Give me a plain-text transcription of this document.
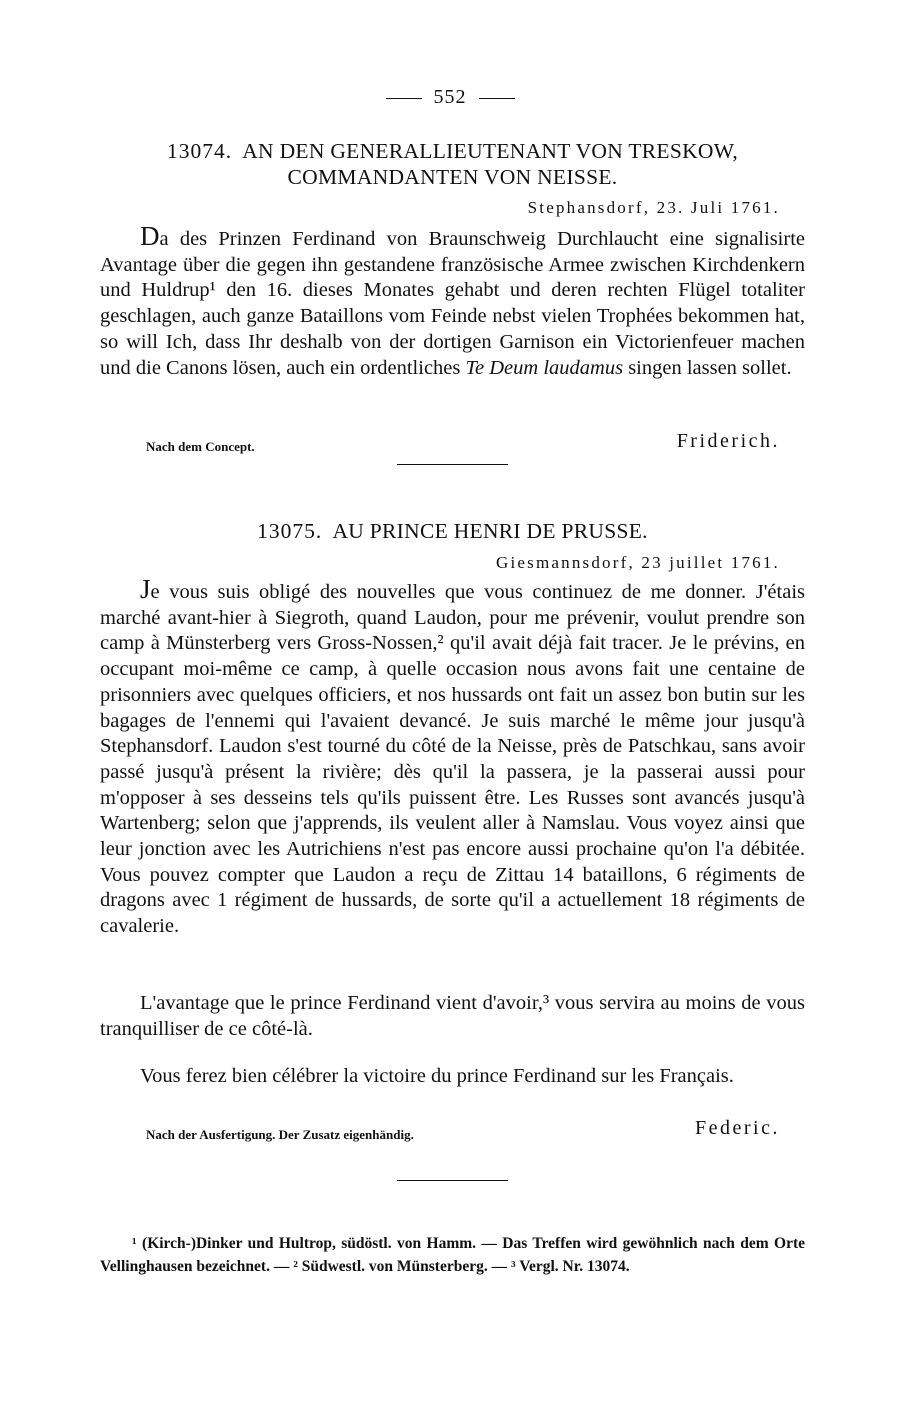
552
13074. AN DEN GENERALLIEUTENANT VON TRESKOW,
COMMANDANTEN VON NEISSE.
Stephansdorf, 23. Juli 1761.

Da des Prinzen Ferdinand von Braunschweig Durchlaucht eine signalisirte Avantage über die gegen ihn gestandene französische Armee zwischen Kirchdenkern und Huldrup¹ den 16. dieses Monates gehabt und deren rechten Flügel totaliter geschlagen, auch ganze Bataillons vom Feinde nebst vielen Trophées bekommen hat, so will Ich, dass Ihr deshalb von der dortigen Garnison ein Victorienfeuer machen und die Canons lösen, auch ein ordentliches Te Deum laudamus singen lassen sollet.

Nach dem Concept.	Friderich.
13075. AU PRINCE HENRI DE PRUSSE.
Giesmannsdorf, 23 juillet 1761.

Je vous suis obligé des nouvelles que vous continuez de me donner. J'étais marché avant-hier à Siegroth, quand Laudon, pour me prévenir, voulut prendre son camp à Münsterberg vers Gross-Nossen,² qu'il avait déjà fait tracer. Je le prévins, en occupant moi-même ce camp, à quelle occasion nous avons fait une centaine de prisonniers avec quelques officiers, et nos hussards ont fait un assez bon butin sur les bagages de l'ennemi qui l'avaient devancé. Je suis marché le même jour jusqu'à Stephansdorf. Laudon s'est tourné du côté de la Neisse, près de Patschkau, sans avoir passé jusqu'à présent la rivière; dès qu'il la passera, je la passerai aussi pour m'opposer à ses desseins tels qu'ils puissent être. Les Russes sont avancés jusqu'à Wartenberg; selon que j'apprends, ils veulent aller à Namslau. Vous voyez ainsi que leur jonction avec les Autrichiens n'est pas encore aussi prochaine qu'on l'a débitée. Vous pouvez compter que Laudon a reçu de Zittau 14 bataillons, 6 régiments de dragons avec 1 régiment de hussards, de sorte qu'il a actuellement 18 régiments de cavalerie.

L'avantage que le prince Ferdinand vient d'avoir,³ vous servira au moins de vous tranquilliser de ce côté-là.

Vous ferez bien célébrer la victoire du prince Ferdinand sur les Français.

Nach der Ausfertigung. Der Zusatz eigenhändig.	Federic.

¹ (Kirch-)Dinker und Hultrop, südöstl. von Hamm. — Das Treffen wird gewöhnlich nach dem Orte Vellinghausen bezeichnet. — ² Südwestl. von Münsterberg. — ³ Vergl. Nr. 13074.
